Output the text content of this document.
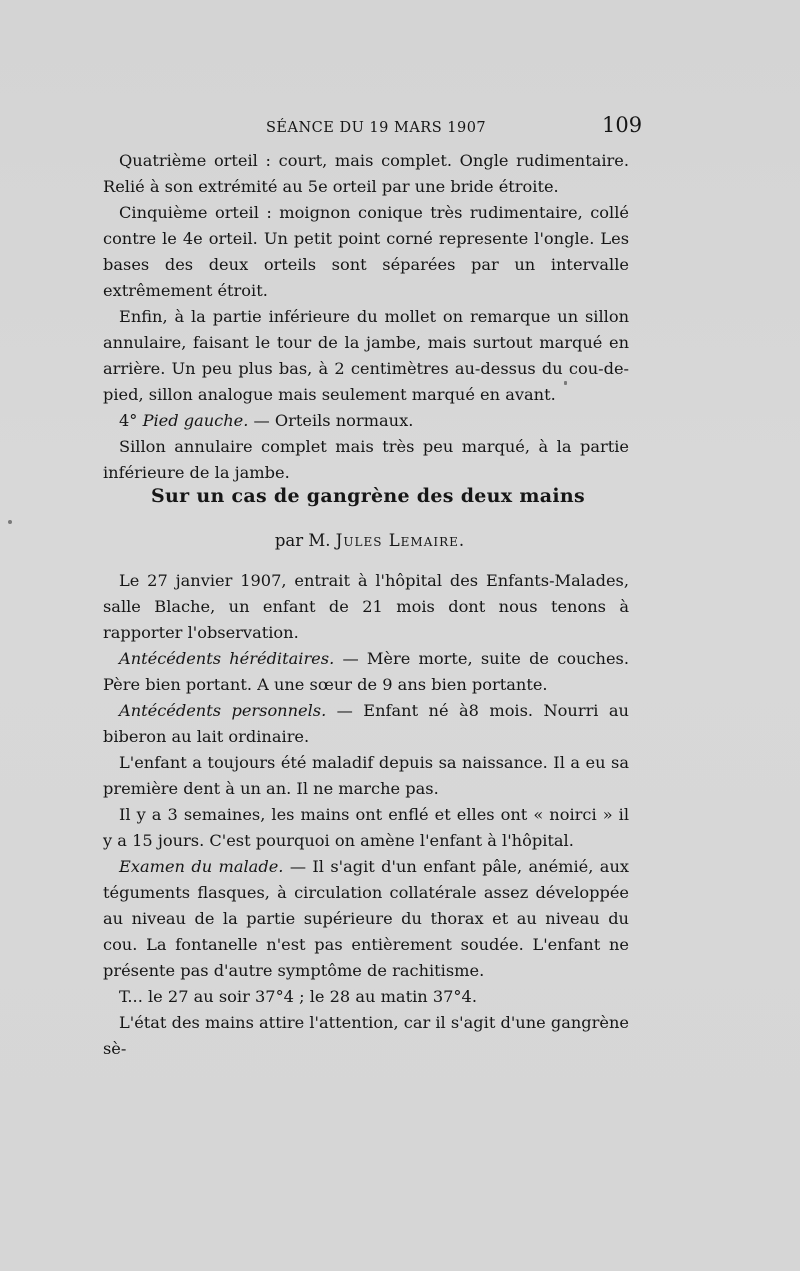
SÉANCE DU 19 MARS 1907	109

Quatrième orteil : court, mais complet. Ongle rudimentaire. Relié à son extrémité au 5e orteil par une bride étroite.

Cinquième orteil : moignon conique très rudimentaire, collé contre le 4e orteil. Un petit point corné represente l'ongle. Les bases des deux orteils sont séparées par un intervalle extrêmement étroit.

Enfin, à la partie inférieure du mollet on remarque un sillon annulaire, faisant le tour de la jambe, mais surtout marqué en arrière. Un peu plus bas, à 2 centimètres au-dessus du cou-de-pied, sillon analogue mais seulement marqué en avant.

4° Pied gauche. — Orteils normaux.

Sillon annulaire complet mais très peu marqué, à la partie inférieure de la jambe.

Sur un cas de gangrène des deux mains
par M. Jules Lemaire.

Le 27 janvier 1907, entrait à l'hôpital des Enfants-Malades, salle Blache, un enfant de 21 mois dont nous tenons à rapporter l'observation.

Antécédents héréditaires. — Mère morte, suite de couches. Père bien portant. A une sœur de 9 ans bien portante.

Antécédents personnels. — Enfant né à8 mois. Nourri au biberon au lait ordinaire.

L'enfant a toujours été maladif depuis sa naissance. Il a eu sa première dent à un an. Il ne marche pas.

Il y a 3 semaines, les mains ont enflé et elles ont « noirci » il y a 15 jours. C'est pourquoi on amène l'enfant à l'hôpital.

Examen du malade. — Il s'agit d'un enfant pâle, anémié, aux téguments flasques, à circulation collatérale assez développée au niveau de la partie supérieure du thorax et au niveau du cou. La fontanelle n'est pas entièrement soudée. L'enfant ne présente pas d'autre symptôme de rachitisme.

T... le 27 au soir 37°4 ; le 28 au matin 37°4.

L'état des mains attire l'attention, car il s'agit d'une gangrène sè-
